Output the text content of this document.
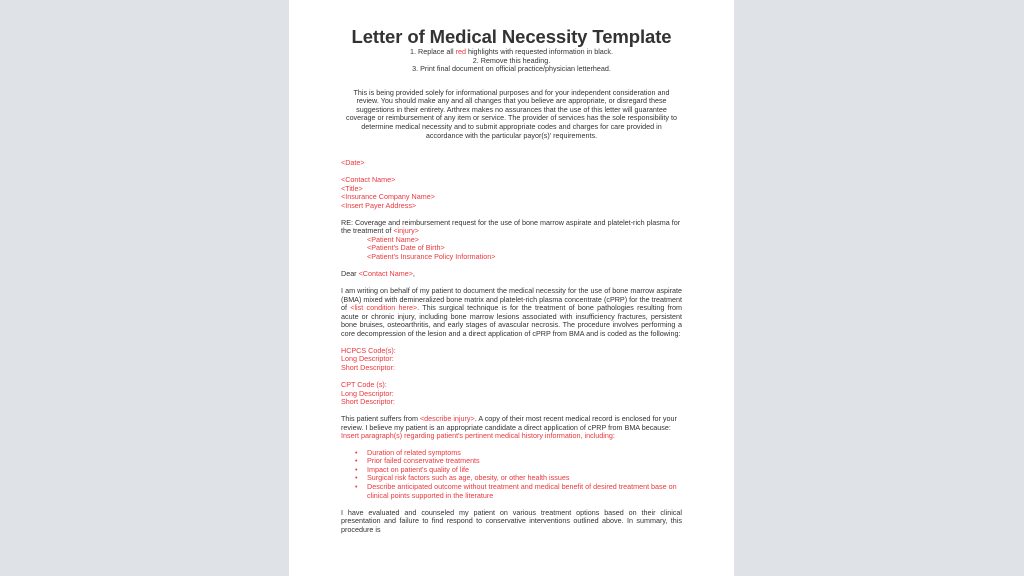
Letter of Medical Necessity Template
1. Replace all red highlights with requested information in black.
2. Remove this heading.
3. Print final document on official practice/physician letterhead.
This is being provided solely for informational purposes and for your independent consideration and review. You should make any and all changes that you believe are appropriate, or disregard these suggestions in their entirety. Arthrex makes no assurances that the use of this letter will guarantee coverage or reimbursement of any item or service. The provider of services has the sole responsibility to determine medical necessity and to submit appropriate codes and charges for care provided in accordance with the particular payor(s)' requirements.
<Date>
<Contact Name>
<Title>
<Insurance Company Name>
<Insert Payer Address>
RE: Coverage and reimbursement request for the use of bone marrow aspirate and platelet-rich plasma for the treatment of <injury>
<Patient Name>
<Patient's Date of Birth>
<Patient's Insurance Policy Information>
Dear <Contact Name>,
I am writing on behalf of my patient to document the medical necessity for the use of bone marrow aspirate (BMA) mixed with demineralized bone matrix and platelet-rich plasma concentrate (cPRP) for the treatment of <list condition here>. This surgical technique is for the treatment of bone pathologies resulting from acute or chronic injury, including bone marrow lesions associated with insufficiency fractures, persistent bone bruises, osteoarthritis, and early stages of avascular necrosis. The procedure involves performing a core decompression of the lesion and a direct application of cPRP from BMA and is coded as the following:
HCPCS Code(s):
Long Descriptor:
Short Descriptor:
CPT Code (s):
Long Descriptor:
Short Descriptor:
This patient suffers from <describe injury>. A copy of their most recent medical record is enclosed for your review. I believe my patient is an appropriate candidate a direct application of cPRP from BMA because: Insert paragraph(s) regarding patient's pertinent medical history information, including:
• Duration of related symptoms
• Prior failed conservative treatments
• Impact on patient's quality of life
• Surgical risk factors such as age, obesity, or other health issues
• Describe anticipated outcome without treatment and medical benefit of desired treatment base on clinical points supported in the literature
I have evaluated and counseled my patient on various treatment options based on their clinical presentation and failure to find respond to conservative interventions outlined above. In summary, this procedure is
